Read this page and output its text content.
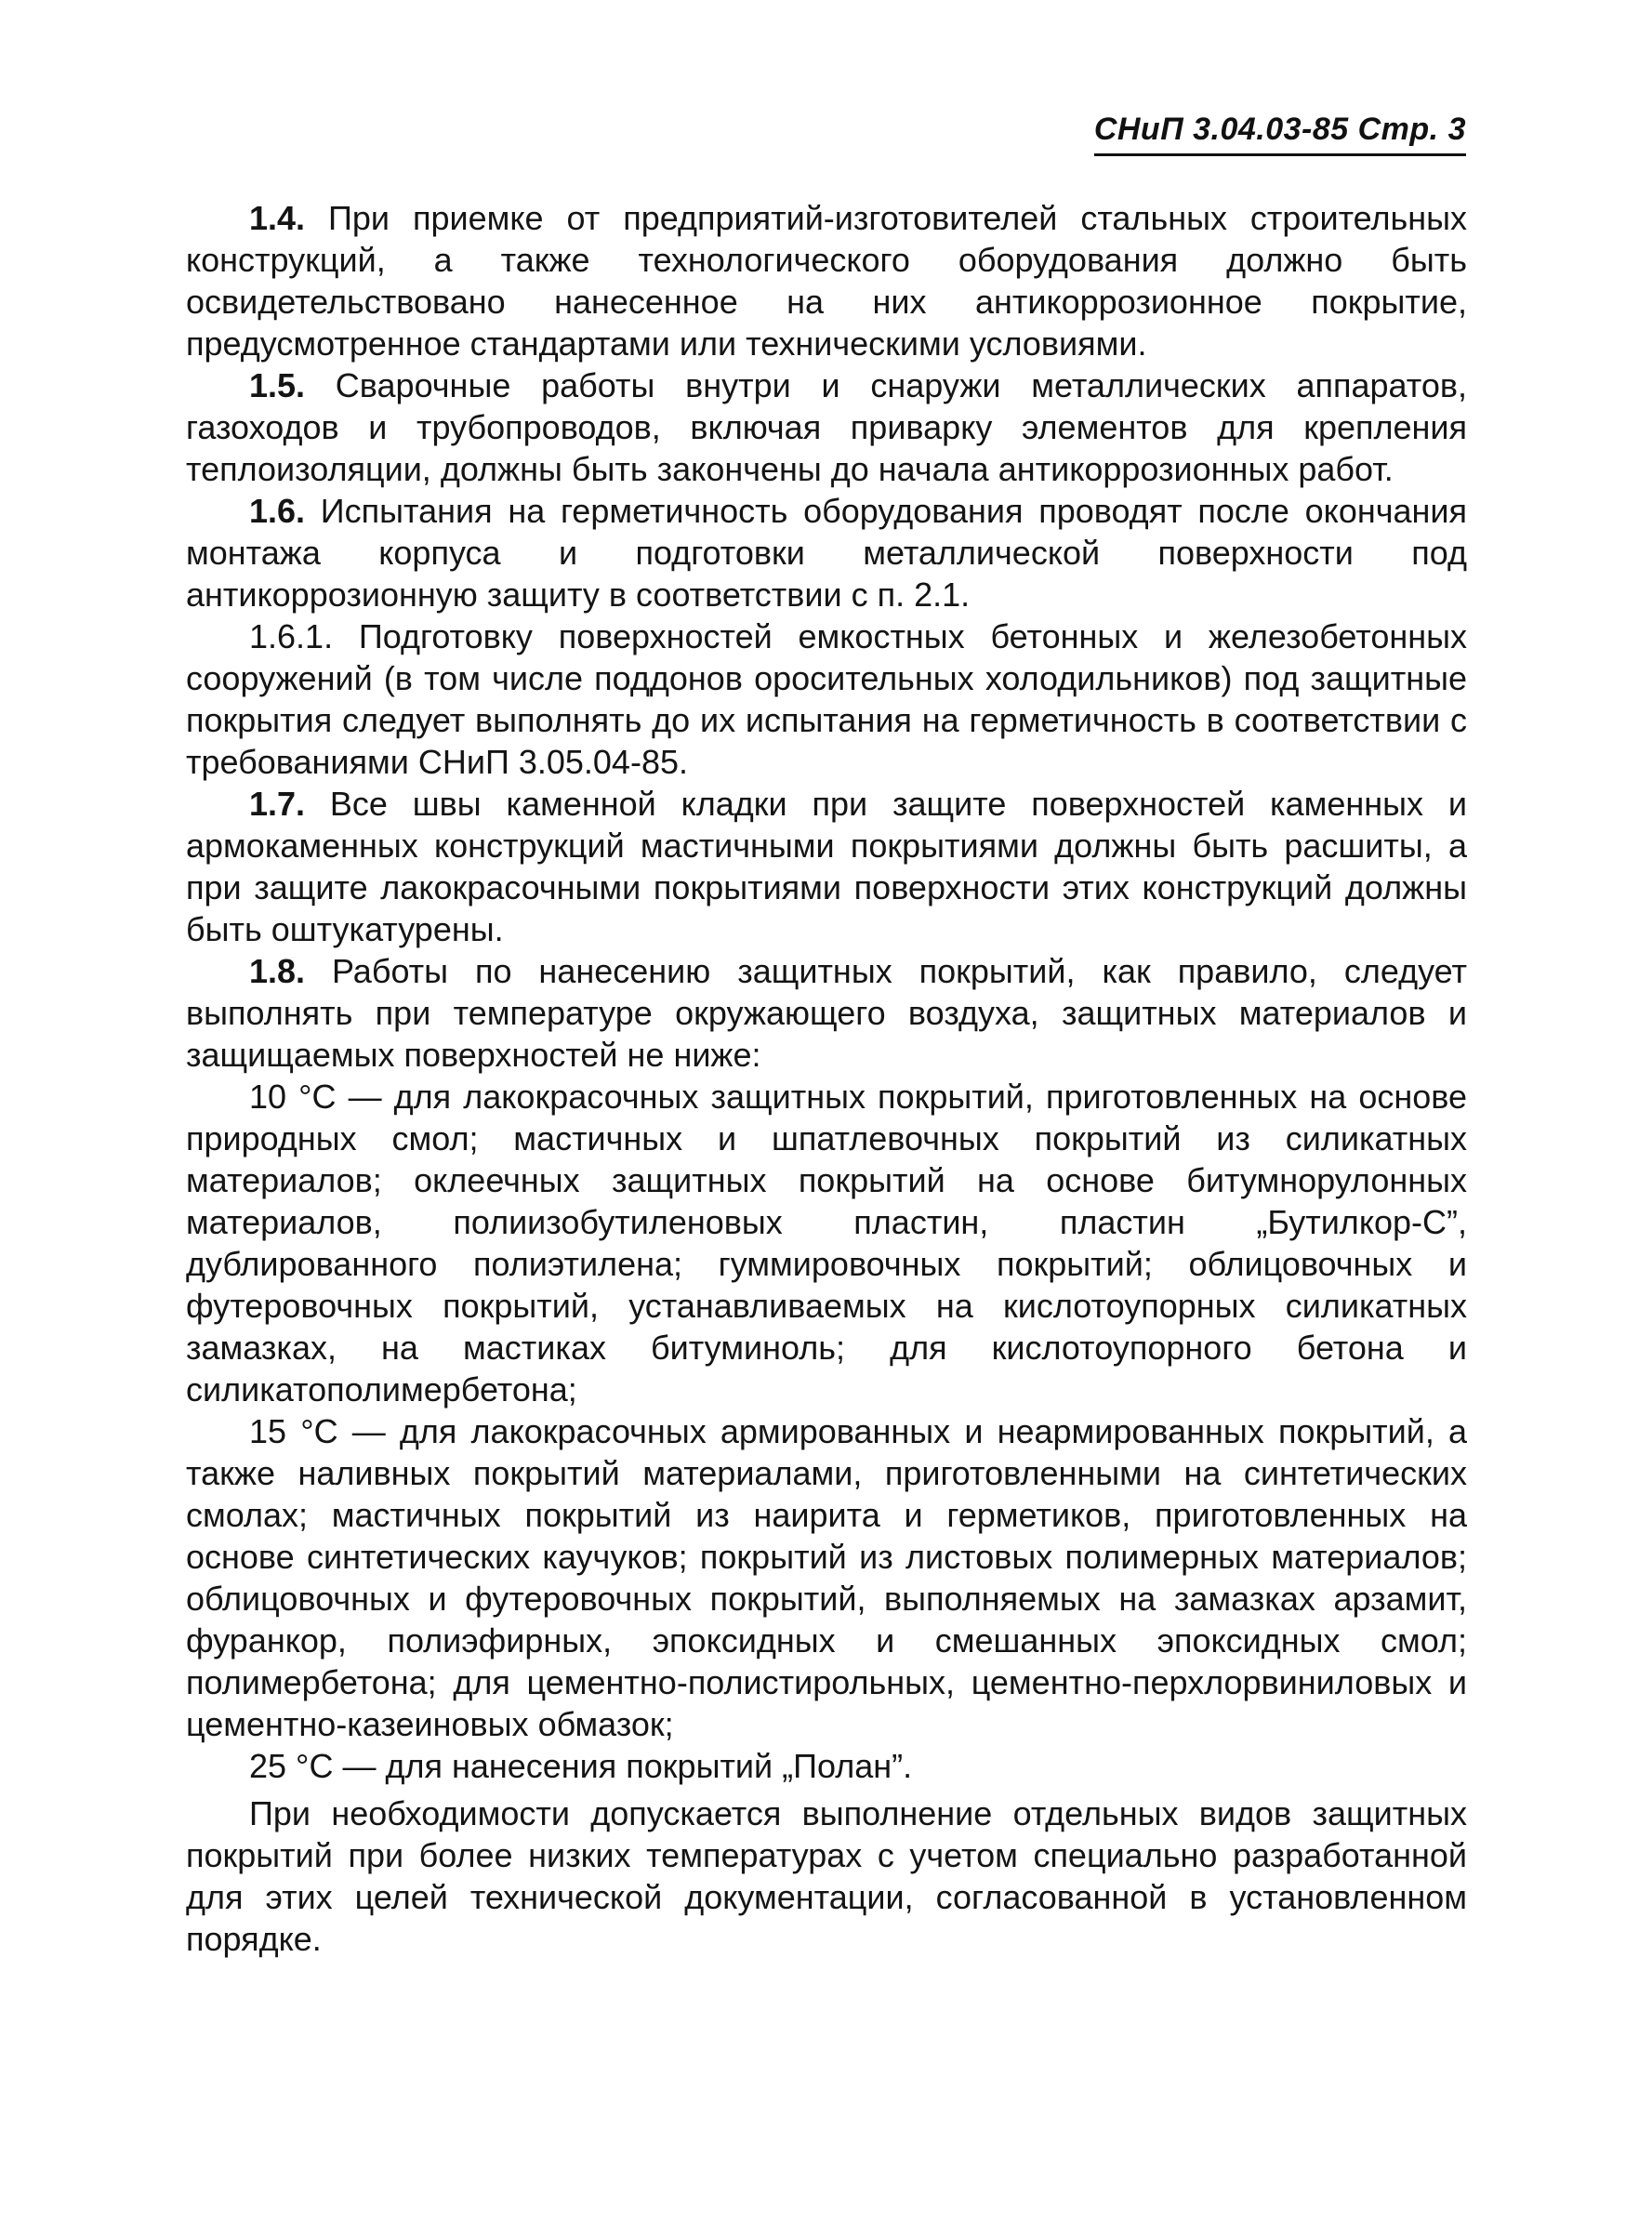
СНиП 3.04.03-85 Стр. 3

1.4. При приемке от предприятий-изготовителей стальных строительных конструкций, а также технологического оборудования должно быть освидетельствовано нанесенное на них антикоррозионное покрытие, предусмотренное стандартами или техническими условиями.

1.5. Сварочные работы внутри и снаружи металлических аппаратов, газоходов и трубопроводов, включая приварку элементов для крепления теплоизоляции, должны быть закончены до начала антикоррозионных работ.

1.6. Испытания на герметичность оборудования проводят после окончания монтажа корпуса и подготовки металлической поверхности под антикоррозионную защиту в соответствии с п. 2.1.

1.6.1. Подготовку поверхностей емкостных бетонных и железобетонных сооружений (в том числе поддонов оросительных холодильников) под защитные покрытия следует выполнять до их испытания на герметичность в соответствии с требованиями СНиП 3.05.04-85.

1.7. Все швы каменной кладки при защите поверхностей каменных и армокаменных конструкций мастичными покрытиями должны быть расшиты, а при защите лакокрасочными покрытиями поверхности этих конструкций должны быть оштукатурены.

1.8. Работы по нанесению защитных покрытий, как правило, следует выполнять при температуре окружающего воздуха, защитных материалов и защищаемых поверхностей не ниже:

10 °С — для лакокрасочных защитных покрытий, приготовленных на основе природных смол; мастичных и шпатлевочных покрытий из силикатных материалов; оклеечных защитных покрытий на основе битумнорулонных материалов, полиизобутиленовых пластин, пластин „Бутилкор-С”, дублированного полиэтилена; гуммировочных покрытий; облицовочных и футеровочных покрытий, устанавливаемых на кислотоупорных силикатных замазках, на мастиках битуминоль; для кислотоупорного бетона и силикатополимербетона;

15 °С — для лакокрасочных армированных и неармированных покрытий, а также наливных покрытий материалами, приготовленными на синтетических смолах; мастичных покрытий из наирита и герметиков, приготовленных на основе синтетических каучуков; покрытий из листовых полимерных материалов; облицовочных и футеровочных покрытий, выполняемых на замазках арзамит, фуранкор, полиэфирных, эпоксидных и смешанных эпоксидных смол; полимербетона; для цементно-полистирольных, цементно-перхлорвиниловых и цементно-казеиновых обмазок;

25 °С — для нанесения покрытий „Полан”.

При необходимости допускается выполнение отдельных видов защитных покрытий при более низких температурах с учетом специально разработанной для этих целей технической документации, согласованной в установленном порядке.
